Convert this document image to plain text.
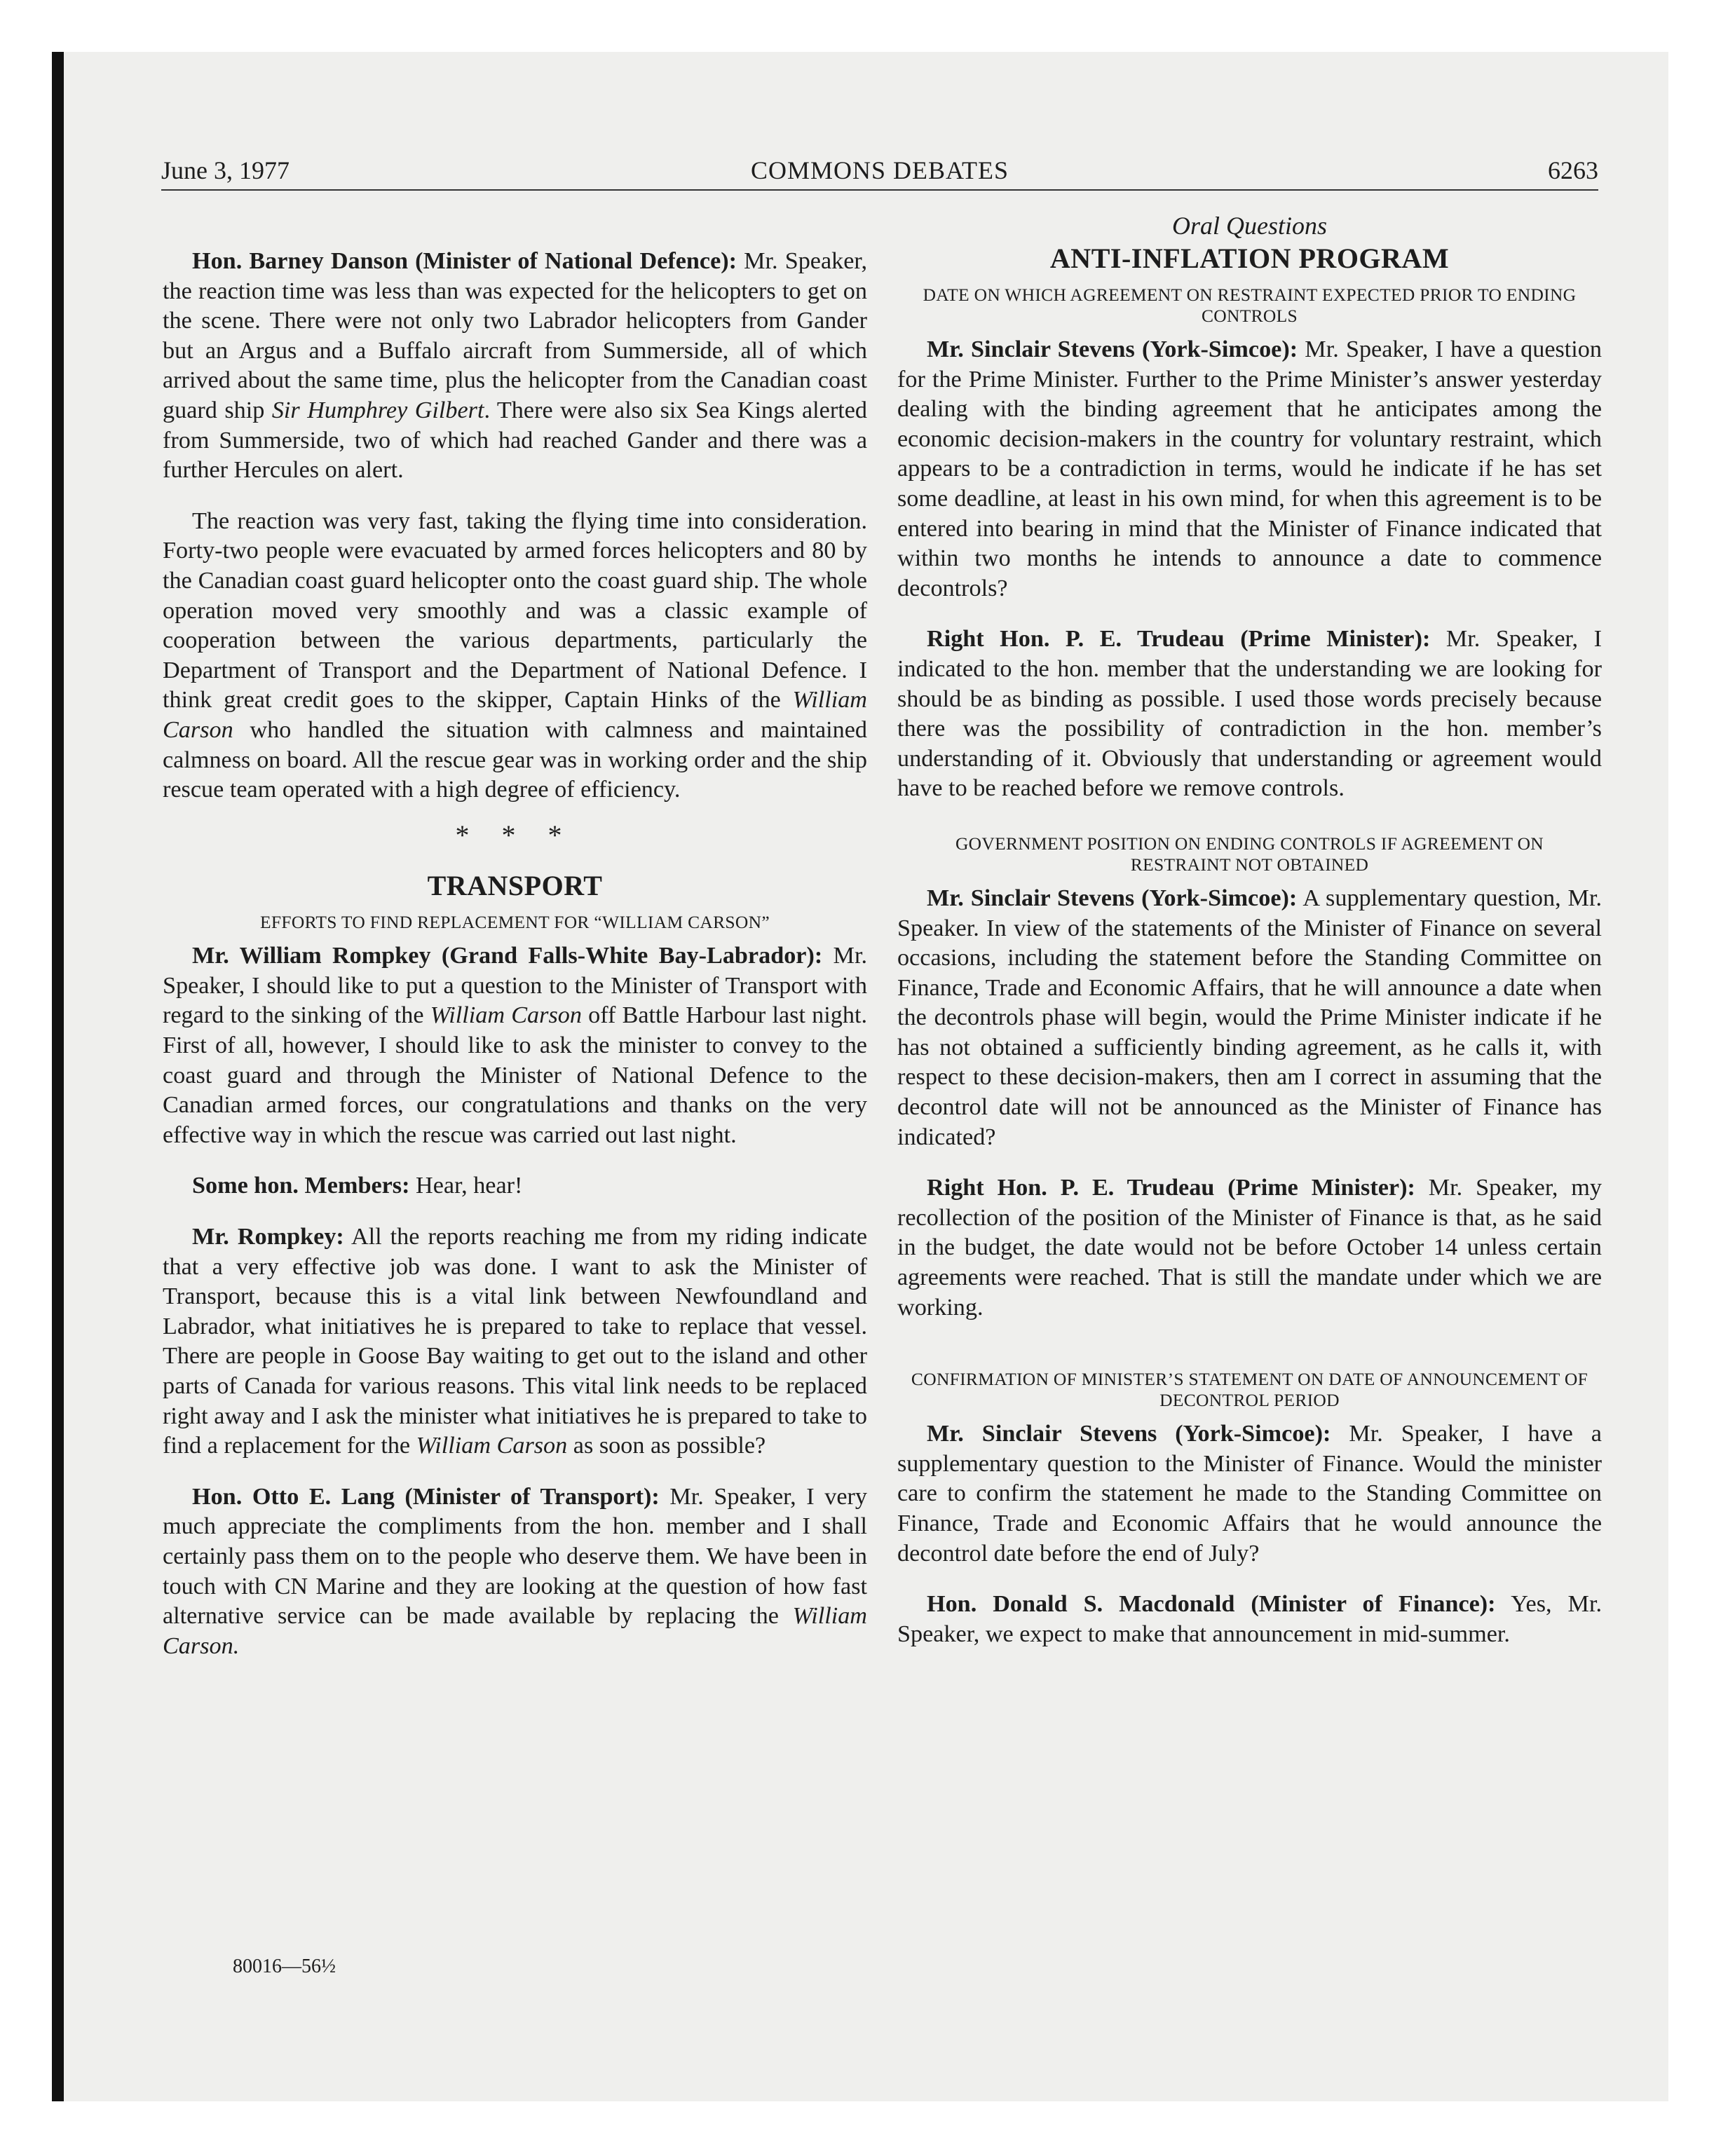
June 3, 1977	COMMONS DEBATES	6263

Hon. Barney Danson (Minister of National Defence): Mr. Speaker, the reaction time was less than was expected for the helicopters to get on the scene. There were not only two Labrador helicopters from Gander but an Argus and a Buffalo aircraft from Summerside, all of which arrived about the same time, plus the helicopter from the Canadian coast guard ship Sir Humphrey Gilbert. There were also six Sea Kings alerted from Summerside, two of which had reached Gander and there was a further Hercules on alert.

The reaction was very fast, taking the flying time into consideration. Forty-two people were evacuated by armed forces helicopters and 80 by the Canadian coast guard helicopter onto the coast guard ship. The whole operation moved very smoothly and was a classic example of cooperation between the various departments, particularly the Department of Transport and the Department of National Defence. I think great credit goes to the skipper, Captain Hinks of the William Carson who handled the situation with calmness and maintained calmness on board. All the rescue gear was in working order and the ship rescue team operated with a high degree of efficiency.

* * *
TRANSPORT
EFFORTS TO FIND REPLACEMENT FOR “WILLIAM CARSON”

Mr. William Rompkey (Grand Falls-White Bay-Labrador): Mr. Speaker, I should like to put a question to the Minister of Transport with regard to the sinking of the William Carson off Battle Harbour last night. First of all, however, I should like to ask the minister to convey to the coast guard and through the Minister of National Defence to the Canadian armed forces, our congratulations and thanks on the very effective way in which the rescue was carried out last night.

Some hon. Members: Hear, hear!

Mr. Rompkey: All the reports reaching me from my riding indicate that a very effective job was done. I want to ask the Minister of Transport, because this is a vital link between Newfoundland and Labrador, what initiatives he is prepared to take to replace that vessel. There are people in Goose Bay waiting to get out to the island and other parts of Canada for various reasons. This vital link needs to be replaced right away and I ask the minister what initiatives he is prepared to take to find a replacement for the William Carson as soon as possible?

Hon. Otto E. Lang (Minister of Transport): Mr. Speaker, I very much appreciate the compliments from the hon. member and I shall certainly pass them on to the people who deserve them. We have been in touch with CN Marine and they are looking at the question of how fast alternative service can be made available by replacing the William Carson.

Oral Questions
ANTI-INFLATION PROGRAM
DATE ON WHICH AGREEMENT ON RESTRAINT EXPECTED PRIOR TO ENDING CONTROLS

Mr. Sinclair Stevens (York-Simcoe): Mr. Speaker, I have a question for the Prime Minister. Further to the Prime Minister’s answer yesterday dealing with the binding agreement that he anticipates among the economic decision-makers in the country for voluntary restraint, which appears to be a contradiction in terms, would he indicate if he has set some deadline, at least in his own mind, for when this agreement is to be entered into bearing in mind that the Minister of Finance indicated that within two months he intends to announce a date to commence decontrols?

Right Hon. P. E. Trudeau (Prime Minister): Mr. Speaker, I indicated to the hon. member that the understanding we are looking for should be as binding as possible. I used those words precisely because there was the possibility of contradiction in the hon. member’s understanding of it. Obviously that understanding or agreement would have to be reached before we remove controls.

GOVERNMENT POSITION ON ENDING CONTROLS IF AGREEMENT ON RESTRAINT NOT OBTAINED

Mr. Sinclair Stevens (York-Simcoe): A supplementary question, Mr. Speaker. In view of the statements of the Minister of Finance on several occasions, including the statement before the Standing Committee on Finance, Trade and Economic Affairs, that he will announce a date when the decontrols phase will begin, would the Prime Minister indicate if he has not obtained a sufficiently binding agreement, as he calls it, with respect to these decision-makers, then am I correct in assuming that the decontrol date will not be announced as the Minister of Finance has indicated?

Right Hon. P. E. Trudeau (Prime Minister): Mr. Speaker, my recollection of the position of the Minister of Finance is that, as he said in the budget, the date would not be before October 14 unless certain agreements were reached. That is still the mandate under which we are working.

CONFIRMATION OF MINISTER’S STATEMENT ON DATE OF ANNOUNCEMENT OF DECONTROL PERIOD

Mr. Sinclair Stevens (York-Simcoe): Mr. Speaker, I have a supplementary question to the Minister of Finance. Would the minister care to confirm the statement he made to the Standing Committee on Finance, Trade and Economic Affairs that he would announce the decontrol date before the end of July?

Hon. Donald S. Macdonald (Minister of Finance): Yes, Mr. Speaker, we expect to make that announcement in mid-summer.

80016—56½
